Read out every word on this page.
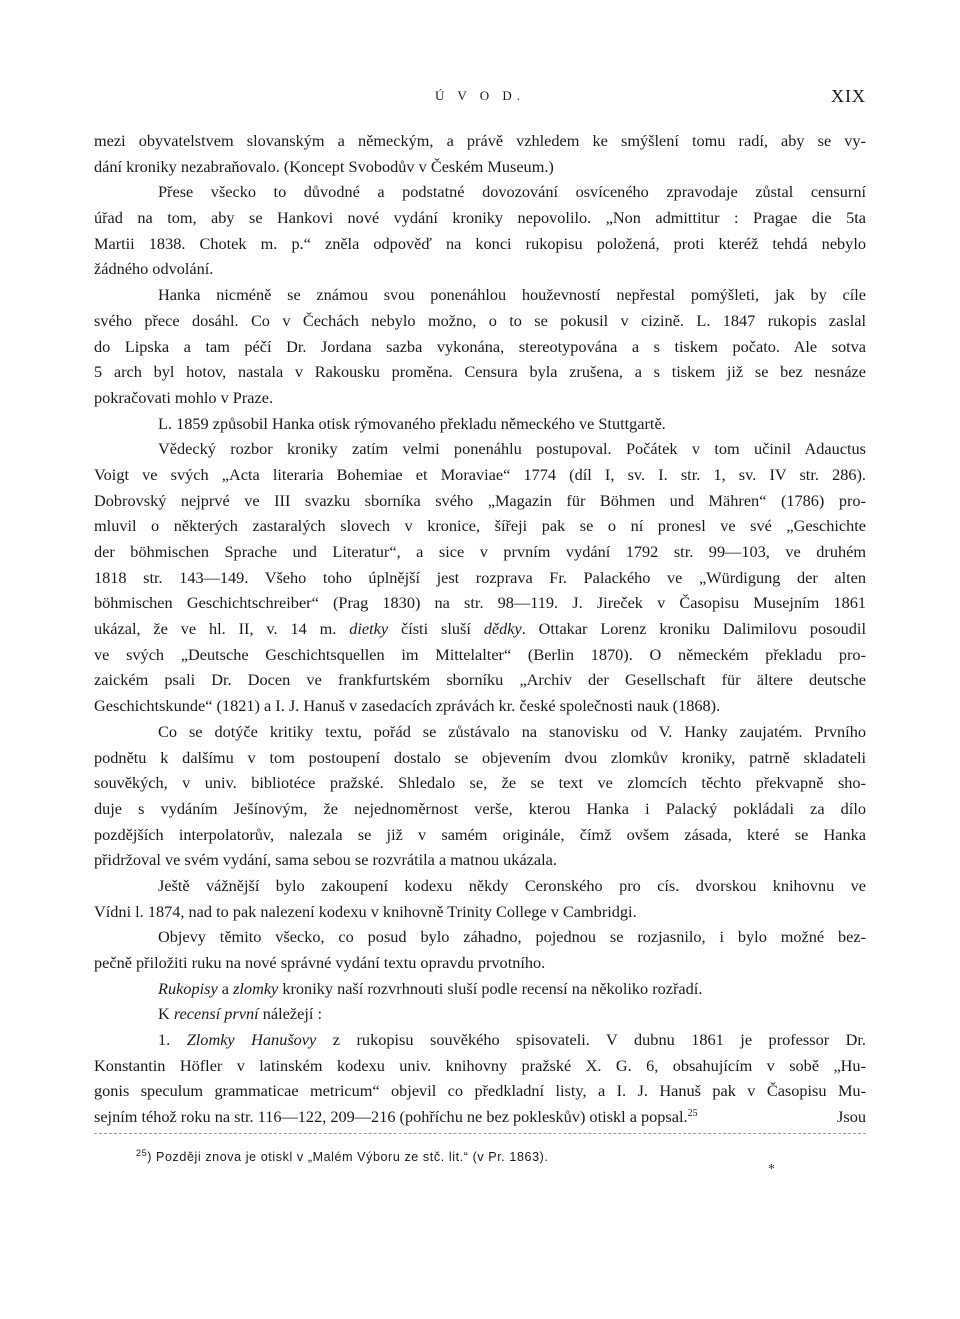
Ú V O D.	XIX
mezi obyvatelstvem slovanským a německým, a právě vzhledem ke smýšlení tomu radí, aby se vy-
dání kroniky nezabraňovalo. (Koncept Svobodův v Českém Museum.)
Přese všecko to důvodné a podstatné dovozování osvíceného zpravodaje zůstal censurní
úřad na tom, aby se Hankovi nové vydání kroniky nepovolilo. „Non admittitur : Pragae die 5ta
Martii 1838. Chotek m. p.“ zněla odpověď na konci rukopisu položená, proti kteréž tehdá nebylo
žádného odvolání.
Hanka nicméně se známou svou ponenáhlou houževností nepřestal pomýšleti, jak by cíle
svého přece dosáhl. Co v Čechách nebylo možno, o to se pokusil v cizině. L. 1847 rukopis zaslal
do Lipska a tam péčí Dr. Jordana sazba vykonána, stereotypována a s tiskem počato. Ale sotva
5 arch byl hotov, nastala v Rakousku proměna. Censura byla zrušena, a s tiskem již se bez nesnáze
pokračovati mohlo v Praze.
L. 1859 způsobil Hanka otisk rýmovaného překladu německého ve Stuttgartě.
Vědecký rozbor kroniky zatím velmi ponenáhlu postupoval. Počátek v tom učinil Adauctus
Voigt ve svých „Acta literaria Bohemiae et Moraviae“ 1774 (díl I, sv. I. str. 1, sv. IV str. 286).
Dobrovský nejprvé ve III svazku sborníka svého „Magazin für Böhmen und Mähren“ (1786) pro-
mluvil o některých zastaralých slovech v kronice, šířeji pak se o ní pronesl ve své „Geschichte
der böhmischen Sprache und Literatur“, a sice v prvním vydání 1792 str. 99—103, ve druhém
1818 str. 143—149. Všeho toho úplnější jest rozprava Fr. Palackého ve „Würdigung der alten
böhmischen Geschichtschreiber“ (Prag 1830) na str. 98—119. J. Jireček v Časopisu Musejním 1861
ukázal, že ve hl. II, v. 14 m. dietky čísti sluší dědky. Ottakar Lorenz kroniku Dalimilovu posoudil
ve svých „Deutsche Geschichtsquellen im Mittelalter“ (Berlin 1870). O německém překladu pro-
zaickém psali Dr. Docen ve frankfurtském sborníku „Archiv der Gesellschaft für ältere deutsche
Geschichtskunde“ (1821) a I. J. Hanuš v zasedacích zprávách kr. české společnosti nauk (1868).
Co se dotýče kritiky textu, pořád se zůstávalo na stanovisku od V. Hanky zaujatém. Prvního
podnětu k dalšímu v tom postoupení dostalo se objevením dvou zlomkův kroniky, patrně skladateli
souvěkých, v univ. bibliotéce pražské. Shledalo se, že se text ve zlomcích těchto překvapně sho-
duje s vydáním Ješínovým, že nejednoměrnost verše, kterou Hanka i Palacký pokládali za dílo
pozdějších interpolatorův, nalezala se již v samém originále, čímž ovšem zásada, které se Hanka
přidržoval ve svém vydání, sama sebou se rozvrátila a matnou ukázala.
Ještě vážnější bylo zakoupení kodexu někdy Ceronského pro cís. dvorskou knihovnu ve
Vídni l. 1874, nad to pak nalezení kodexu v knihovně Trinity College v Cambridgi.
Objevy těmito všecko, co posud bylo záhadno, pojednou se rozjasnilo, i bylo možné bez-
pečně přiložiti ruku na nové správné vydání textu opravdu prvotního.
Rukopisy a zlomky kroniky naší rozvrhnouti sluší podle recensí na několiko rozřadí.
K recensí první náležejí :
1. Zlomky Hanušovy z rukopisu souvěkého spisovateli. V dubnu 1861 je professor Dr.
Konstantin Höfler v latinském kodexu univ. knihovny pražské X. G. 6, obsahujícím v sobě „Hu-
gonis speculum grammaticae metricum“ objevil co předkladní listy, a I. J. Hanuš pak v Časopisu Mu-
sejním téhož roku na str. 116—122, 209—216 (pohříchu ne bez pokleskův) otiskl a popsal.$^{25}$	Jsou
$^{25}$) Později znova je otiskl v „Malém Výboru ze stč. lit.“ (v Pr. 1863).
*
